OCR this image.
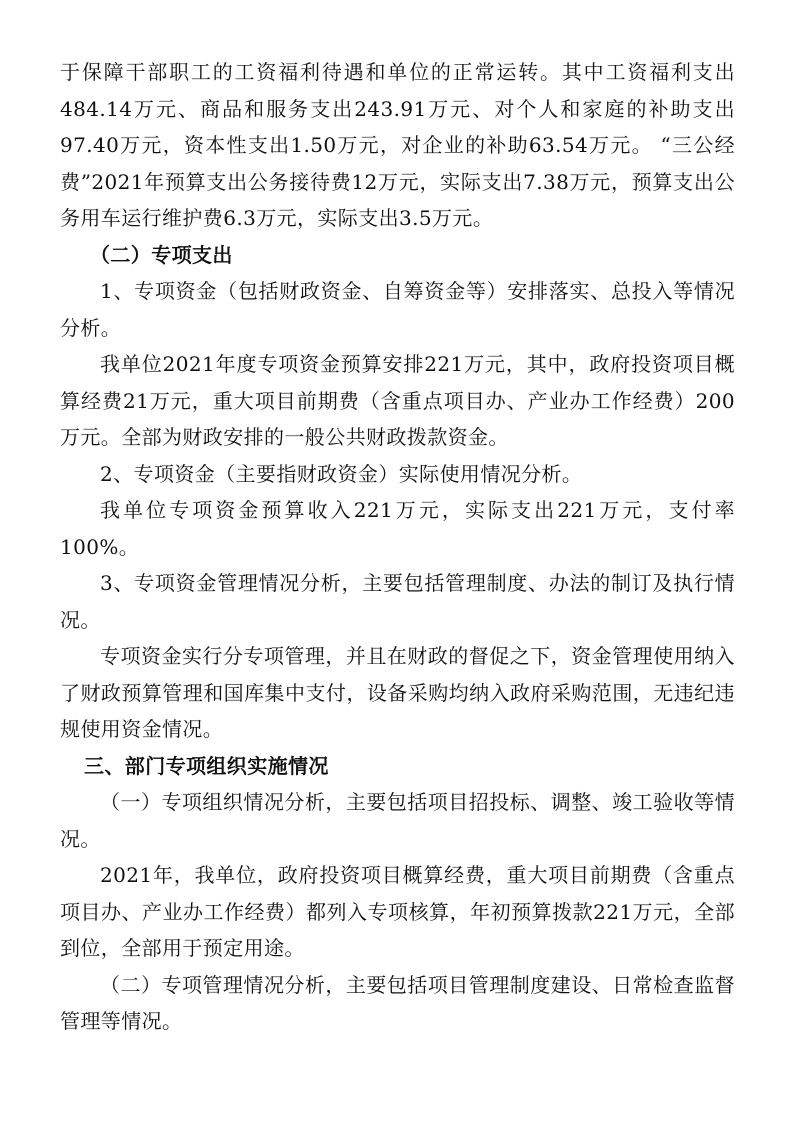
于保障干部职工的工资福利待遇和单位的正常运转。其中工资福利支出484.14万元、商品和服务支出243.91万元、对个人和家庭的补助支出97.40万元，资本性支出1.50万元，对企业的补助63.54万元。 “三公经费”2021年预算支出公务接待费12万元，实际支出7.38万元，预算支出公务用车运行维护费6.3万元，实际支出3.5万元。

（二）专项支出

1、专项资金（包括财政资金、自筹资金等）安排落实、总投入等情况分析。

我单位2021年度专项资金预算安排221万元，其中，政府投资项目概算经费21万元，重大项目前期费（含重点项目办、产业办工作经费）200万元。全部为财政安排的一般公共财政拨款资金。

2、专项资金（主要指财政资金）实际使用情况分析。

我单位专项资金预算收入221万元，实际支出221万元，支付率100%。

3、专项资金管理情况分析，主要包括管理制度、办法的制订及执行情况。

专项资金实行分专项管理，并且在财政的督促之下，资金管理使用纳入了财政预算管理和国库集中支付，设备采购均纳入政府采购范围，无违纪违规使用资金情况。

三、部门专项组织实施情况

（一）专项组织情况分析，主要包括项目招投标、调整、竣工验收等情况。

2021年，我单位，政府投资项目概算经费，重大项目前期费（含重点项目办、产业办工作经费）都列入专项核算，年初预算拨款221万元，全部到位，全部用于预定用途。

（二）专项管理情况分析，主要包括项目管理制度建设、日常检查监督管理等情况。
